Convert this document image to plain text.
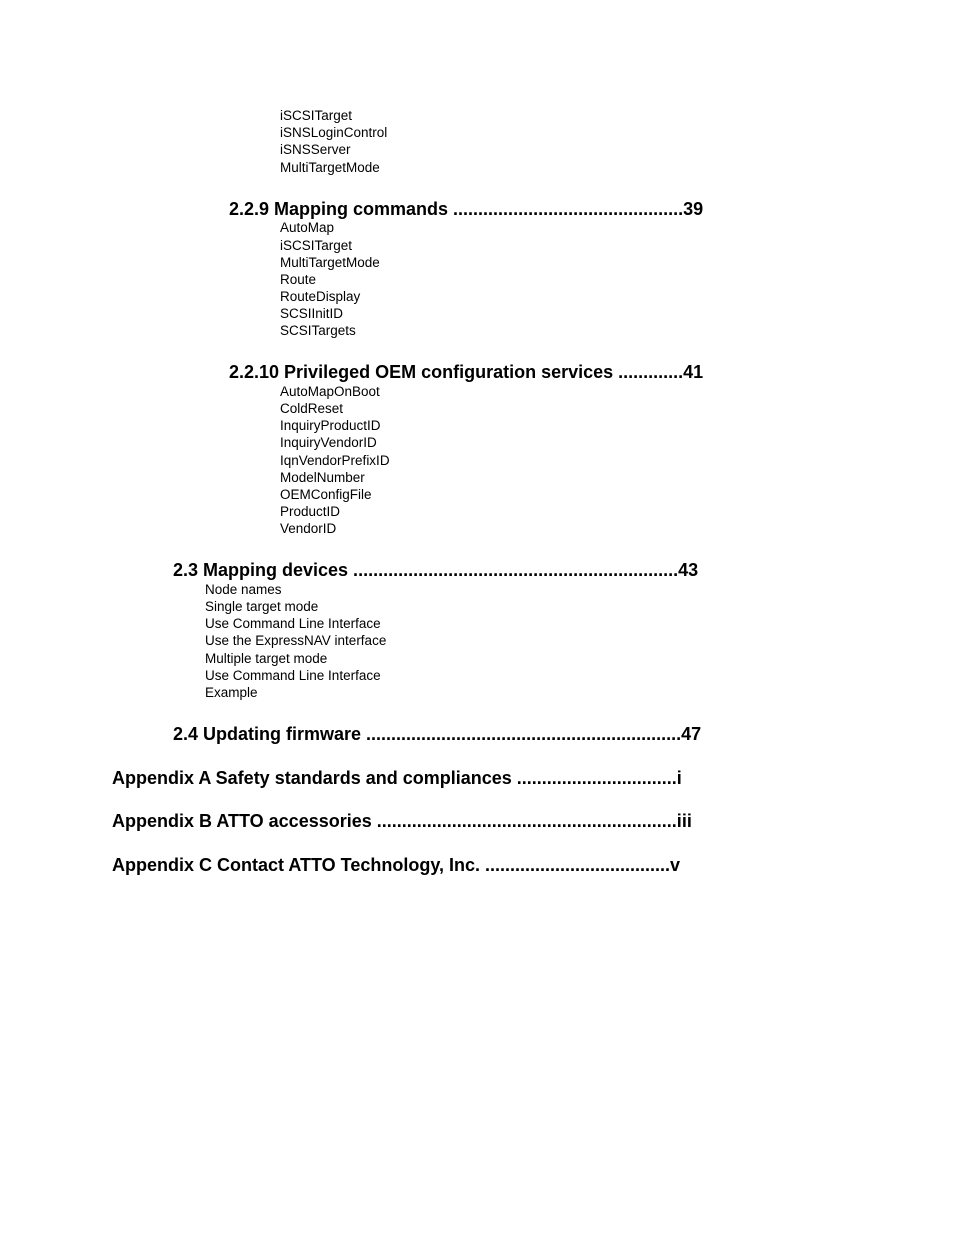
iSCSITarget
iSNSLoginControl
iSNSServer
MultiTargetMode
2.2.9 Mapping commands ..............................................39
AutoMap
iSCSITarget
MultiTargetMode
Route
RouteDisplay
SCSIInitID
SCSITargets
2.2.10 Privileged OEM configuration services .............41
AutoMapOnBoot
ColdReset
InquiryProductID
InquiryVendorID
IqnVendorPrefixID
ModelNumber
OEMConfigFile
ProductID
VendorID
2.3 Mapping devices .................................................................43
Node names
Single target mode
Use Command Line Interface
Use the ExpressNAV interface
Multiple target mode
Use Command Line Interface
Example
2.4 Updating firmware ...............................................................47
Appendix A Safety standards and compliances ................................i
Appendix B ATTO accessories ............................................................iii
Appendix C Contact ATTO Technology, Inc. .....................................v
